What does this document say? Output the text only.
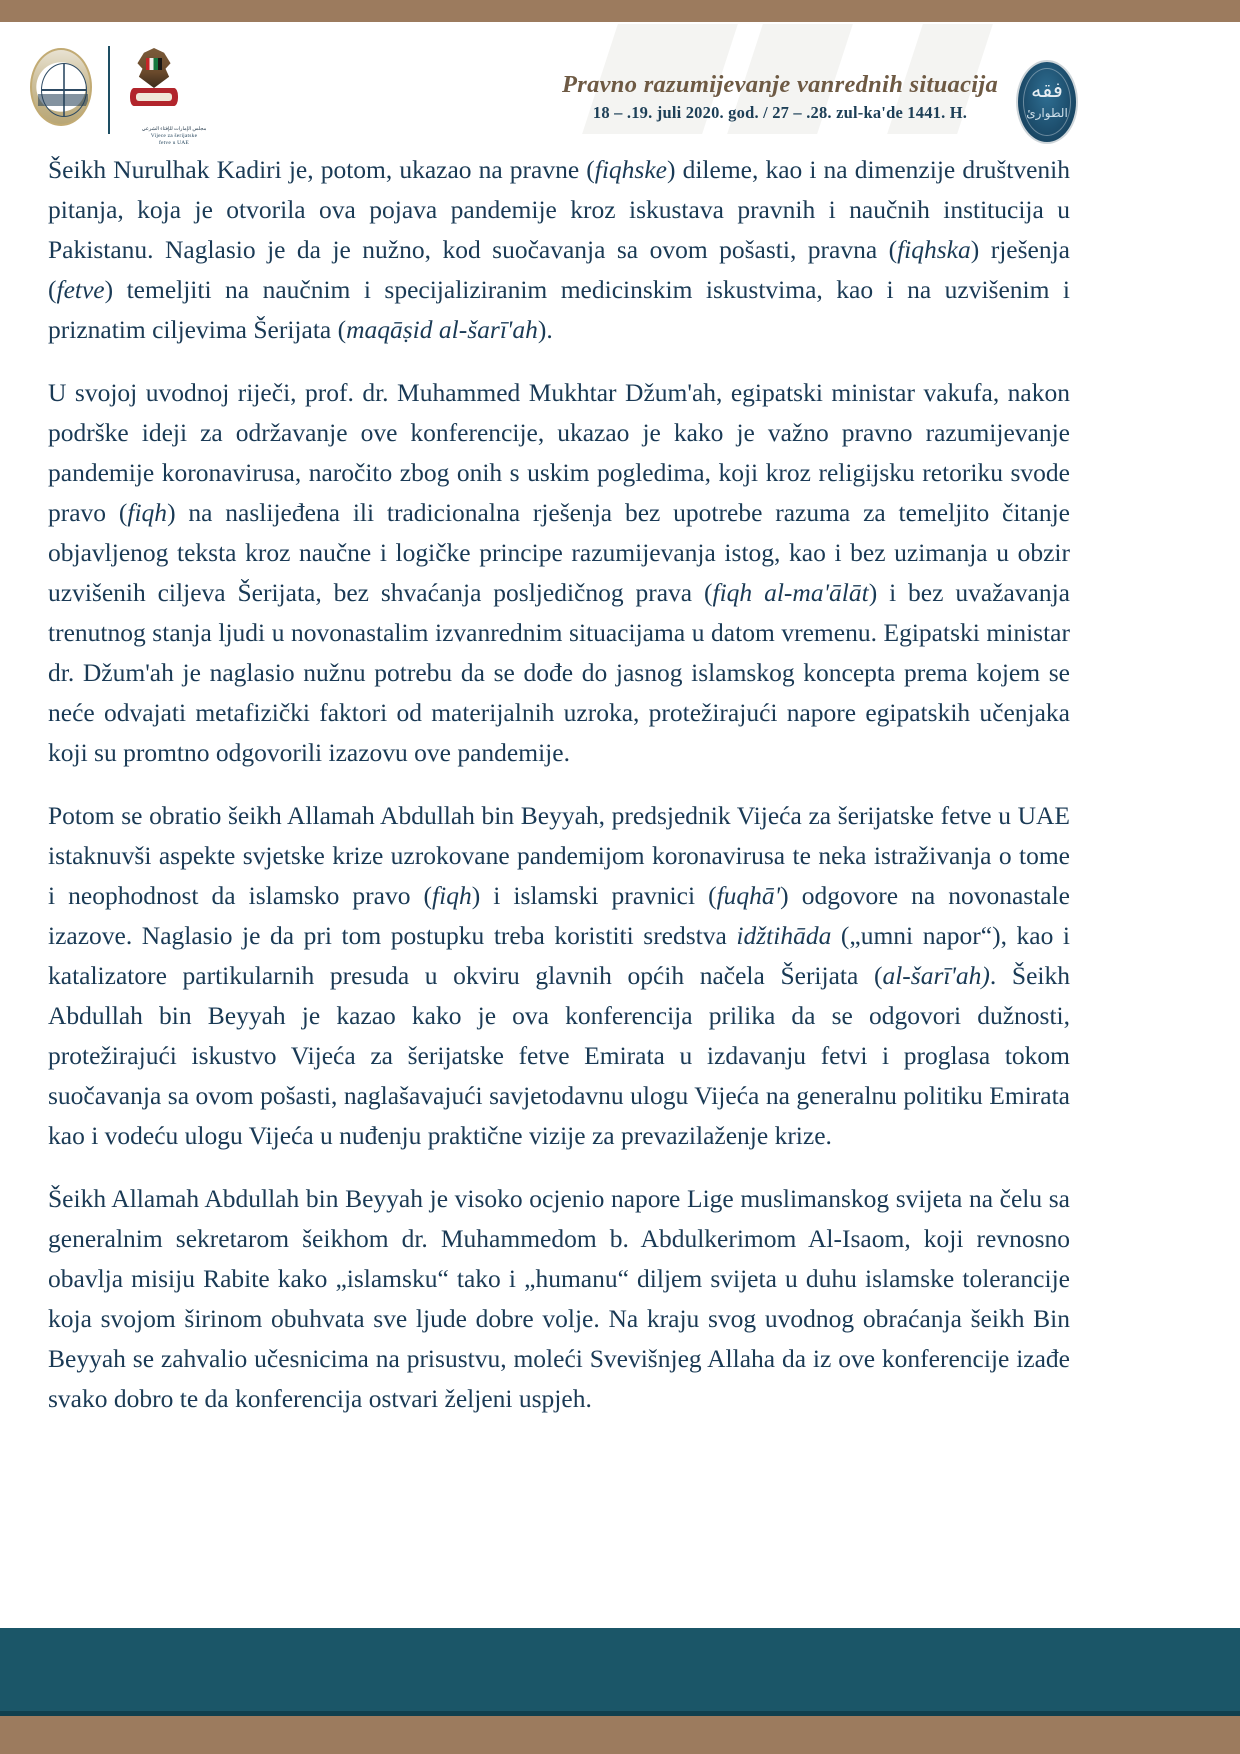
مجلس الإمارات للإفتاء الشرعي
Vijece za šerijatske
fetve u UAE
Pravno razumijevanje vanrednih situacija
18 – .19. juli 2020. god. / 27 – .28. zul-ka'de 1441. H.
فقه
الطوارئ

Šeikh Nurulhak Kadiri je, potom, ukazao na pravne (fiqhske) dileme, kao i na dimenzije društvenih pitanja, koja je otvorila ova pojava pandemije kroz iskustava pravnih i naučnih institucija u Pakistanu. Naglasio je da je nužno, kod suočavanja sa ovom pošasti, pravna (fiqhska) rješenja (fetve) temeljiti na naučnim i specijaliziranim medicinskim iskustvima, kao i na uzvišenim i priznatim ciljevima Šerijata (maqāṣid al-šarī'ah).

U svojoj uvodnoj riječi, prof. dr. Muhammed Mukhtar Džum'ah, egipatski ministar vakufa, nakon podrške ideji za održavanje ove konferencije, ukazao je kako je važno pravno razumijevanje pandemije koronavirusa, naročito zbog onih s uskim pogledima, koji kroz religijsku retoriku svode pravo (fiqh) na naslijeđena ili tradicionalna rješenja bez upotrebe razuma za temeljito čitanje objavljenog teksta kroz naučne i logičke principe razumijevanja istog, kao i bez uzimanja u obzir uzvišenih ciljeva Šerijata, bez shvaćanja posljedičnog prava (fiqh al-ma'ālāt) i bez uvažavanja trenutnog stanja ljudi u novonastalim izvanrednim situacijama u datom vremenu. Egipatski ministar dr. Džum'ah je naglasio nužnu potrebu da se dođe do jasnog islamskog koncepta prema kojem se neće odvajati metafizički faktori od materijalnih uzroka, protežirajući napore egipatskih učenjaka koji su promtno odgovorili izazovu ove pandemije.

Potom se obratio šeikh Allamah Abdullah bin Beyyah, predsjednik Vijeća za šerijatske fetve u UAE istaknuvši aspekte svjetske krize uzrokovane pandemijom koronavirusa te neka istraživanja o tome i neophodnost da islamsko pravo (fiqh) i islamski pravnici (fuqhā') odgovore na novonastale izazove. Naglasio je da pri tom postupku treba koristiti sredstva idžtihāda („umni napor“), kao i katalizatore partikularnih presuda u okviru glavnih općih načela Šerijata (al-šarī'ah). Šeikh Abdullah bin Beyyah je kazao kako je ova konferencija prilika da se odgovori dužnosti, protežirajući iskustvo Vijeća za šerijatske fetve Emirata u izdavanju fetvi i proglasa tokom suočavanja sa ovom pošasti, naglašavajući savjetodavnu ulogu Vijeća na generalnu politiku Emirata kao i vodeću ulogu Vijeća u nuđenju praktične vizije za prevazilaženje krize.

Šeikh Allamah Abdullah bin Beyyah je visoko ocjenio napore Lige muslimanskog svijeta na čelu sa generalnim sekretarom šeikhom dr. Muhammedom b. Abdulkerimom Al-Isaom, koji revnosno obavlja misiju Rabite kako „islamsku“ tako i „humanu“ diljem svijeta u duhu islamske tolerancije koja svojom širinom obuhvata sve ljude dobre volje. Na kraju svog uvodnog obraćanja šeikh Bin Beyyah se zahvalio učesnicima na prisustvu, moleći Svevišnjeg Allaha da iz ove konferencije izađe svako dobro te da konferencija ostvari željeni uspjeh.
